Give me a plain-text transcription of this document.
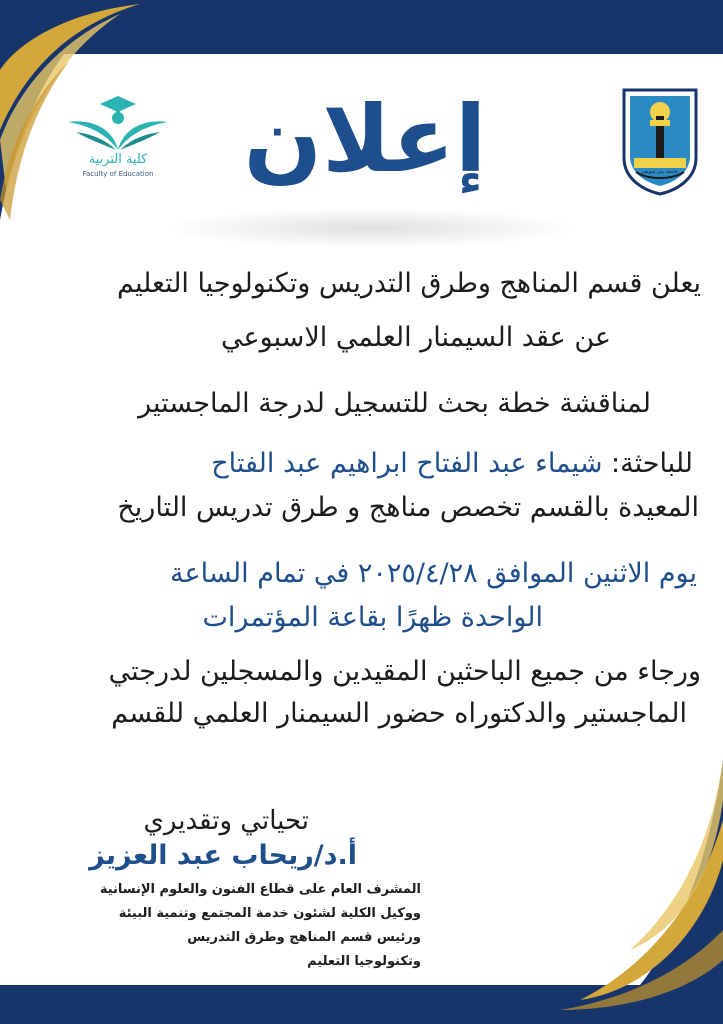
كلية التربية
Faculty of Education إعلان	جامعة بني سويف
يعلن قسم المناهج وطرق التدريس وتكنولوجيا التعليم
عن عقد السيمنار العلمي الاسبوعي
لمناقشة خطة بحث للتسجيل لدرجة الماجستير
للباحثة: شيماء عبد الفتاح ابراهيم عبد الفتاح
المعيدة بالقسم تخصص مناهج و طرق تدريس التاريخ
يوم الاثنين الموافق ٢٠٢٥/٤/٢٨ في تمام الساعة
الواحدة ظهرًا بقاعة المؤتمرات
ورجاء من جميع الباحثين المقيدين والمسجلين لدرجتي
الماجستير والدكتوراه حضور السيمنار العلمي للقسم
تحياتي وتقديري
أ.د/ريحاب عبد العزيز
المشرف العام على قطاع الفنون والعلوم الإنسانية
ووكيل الكلية لشئون خدمة المجتمع وتنمية البيئة
ورئيس قسم المناهج وطرق التدريس
وتكنولوجيا التعليم
